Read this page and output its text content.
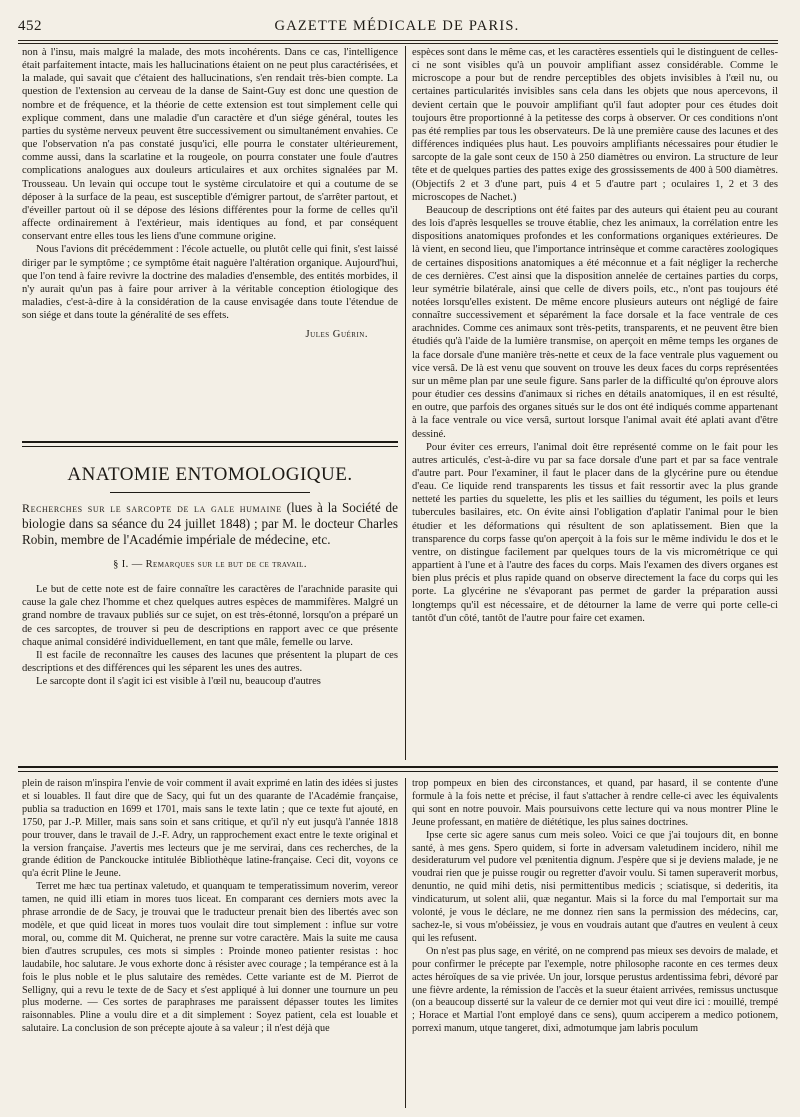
452	GAZETTE MÉDICALE DE PARIS.

non à l'insu, mais malgré la malade, des mots incohérents. Dans ce cas, l'intelligence était parfaitement intacte, mais les hallucinations étaient on ne peut plus caractérisées, et la malade, qui savait que c'étaient des hallucinations, s'en rendait très-bien compte. La question de l'extension au cerveau de la danse de Saint-Guy est donc une question de nombre et de fréquence, et la théorie de cette extension est tout simplement celle qui explique comment, dans une maladie d'un caractère et d'un siége général, toutes les parties du système nerveux peuvent être successivement ou simultanément envahies. Ce que l'observation n'a pas constaté jusqu'ici, elle pourra le constater ultérieurement, comme aussi, dans la scarlatine et la rougeole, on pourra constater une foule d'autres complications analogues aux douleurs articulaires et aux orchites signalées par M. Trousseau. Un levain qui occupe tout le système circulatoire et qui a coutume de se déposer à la surface de la peau, est susceptible d'émigrer partout, de s'arrêter partout, et d'éveiller partout où il se dépose des lésions différentes pour la forme de celles qu'il affecte ordinairement à l'extérieur, mais identiques au fond, et par conséquent conservant entre elles tous les liens d'une commune origine.

Nous l'avions dit précédemment : l'école actuelle, ou plutôt celle qui finit, s'est laissé diriger par le symptôme ; ce symptôme était naguère l'altération organique. Aujourd'hui, que l'on tend à faire revivre la doctrine des maladies d'ensemble, des entités morbides, il n'y aurait qu'un pas à faire pour arriver à la véritable conception étiologique des maladies, c'est-à-dire à la considération de la cause envisagée dans toute l'étendue de son siége et dans toute la généralité de ses effets.

Jules Guérin.

ANATOMIE ENTOMOLOGIQUE.
Recherches sur le sarcopte de la gale humaine (lues à la Société de biologie dans sa séance du 24 juillet 1848) ; par M. le docteur Charles Robin, membre de l'Académie impériale de médecine, etc.
§ I. — Remarques sur le but de ce travail.

Le but de cette note est de faire connaître les caractères de l'arachnide parasite qui cause la gale chez l'homme et chez quelques autres espèces de mammifères. Malgré un grand nombre de travaux publiés sur ce sujet, on est très-étonné, lorsqu'on a préparé un de ces sarcoptes, de trouver si peu de descriptions en rapport avec ce que présente chaque animal considéré individuellement, en tant que mâle, femelle ou larve.

Il est facile de reconnaître les causes des lacunes que présentent la plupart de ces descriptions et des différences qui les séparent les unes des autres.

Le sarcopte dont il s'agit ici est visible à l'œil nu, beaucoup d'autres

espèces sont dans le même cas, et les caractères essentiels qui le distinguent de celles-ci ne sont visibles qu'à un pouvoir amplifiant assez considérable. Comme le microscope a pour but de rendre perceptibles des objets invisibles à l'œil nu, ou certaines particularités invisibles sans cela dans les objets que nous apercevons, il devient certain que le pouvoir amplifiant qu'il faut adopter pour ces études doit toujours être proportionné à la petitesse des corps à observer. Or ces conditions n'ont pas été remplies par tous les observateurs. De là une première cause des lacunes et des différences indiquées plus haut. Les pouvoirs amplifiants nécessaires pour étudier le sarcopte de la gale sont ceux de 150 à 250 diamètres ou environ. La structure de leur tête et de quelques parties des pattes exige des grossissements de 400 à 500 diamètres. (Objectifs 2 et 3 d'une part, puis 4 et 5 d'autre part ; oculaires 1, 2 et 3 des microscopes de Nachet.)

Beaucoup de descriptions ont été faites par des auteurs qui étaient peu au courant des lois d'après lesquelles se trouve établie, chez les animaux, la corrélation entre les dispositions anatomiques profondes et les conformations organiques extérieures. De là vient, en second lieu, que l'importance intrinsèque et comme caractères zoologiques de certaines dispositions anatomiques a été méconnue et a fait négliger la recherche de ces dernières. C'est ainsi que la disposition annelée de certaines parties du corps, leur symétrie bilatérale, ainsi que celle de divers poils, etc., n'ont pas toujours été notées lorsqu'elles existent. De même encore plusieurs auteurs ont négligé de faire connaître successivement et séparément la face dorsale et la face ventrale de ces arachnides. Comme ces animaux sont très-petits, transparents, et ne peuvent être bien étudiés qu'à l'aide de la lumière transmise, on aperçoit en même temps les organes de la face dorsale d'une manière très-nette et ceux de la face ventrale plus vaguement ou vice versâ. De là est venu que souvent on trouve les deux faces du corps représentées sur un même plan par une seule figure. Sans parler de la difficulté qu'on éprouve alors pour étudier ces dessins d'animaux si riches en détails anatomiques, il en est résulté, en outre, que parfois des organes situés sur le dos ont été indiqués comme appartenant à la face ventrale ou vice versâ, surtout lorsque l'animal avait été aplati avant d'être dessiné.

Pour éviter ces erreurs, l'animal doit être représenté comme on le fait pour les autres articulés, c'est-à-dire vu par sa face dorsale d'une part et par sa face ventrale d'autre part. Pour l'examiner, il faut le placer dans de la glycérine pure ou étendue d'eau. Ce liquide rend transparents les tissus et fait ressortir avec la plus grande netteté les parties du squelette, les plis et les saillies du tégument, les poils et leurs tubercules basilaires, etc. On évite ainsi l'obligation d'aplatir l'animal pour le bien étudier et les déformations qui résultent de son aplatissement. Bien que la transparence du corps fasse qu'on aperçoit à la fois sur le même individu le dos et le ventre, on distingue facilement par quelques tours de la vis micrométrique ce qui appartient à l'une et à l'autre des faces du corps. Mais l'examen des divers organes est bien plus précis et plus rapide quand on observe directement la face du corps qui les porte. La glycérine ne s'évaporant pas permet de garder la préparation aussi longtemps qu'il est nécessaire, et de détourner la lame de verre qui porte celle-ci tantôt d'un côté, tantôt de l'autre pour faire cet examen.

plein de raison m'inspira l'envie de voir comment il avait exprimé en latin des idées si justes et si louables. Il faut dire que de Sacy, qui fut un des quarante de l'Académie française, publia sa traduction en 1699 et 1701, mais sans le texte latin ; que ce texte fut ajouté, en 1750, par J.-P. Miller, mais sans soin et sans critique, et qu'il n'y eut jusqu'à l'année 1818 pour trouver, dans le travail de J.-F. Adry, un rapprochement exact entre le texte original et la version française. J'avertis mes lecteurs que je me servirai, dans ces recherches, de la grande édition de Panckoucke intitulée Bibliothèque latine-française. Ceci dit, voyons ce qu'a écrit Pline le Jeune.

Terret me hæc tua pertinax valetudo, et quanquam te temperatissimum noverim, vereor tamen, ne quid illi etiam in mores tuos liceat. En comparant ces derniers mots avec la phrase arrondie de de Sacy, je trouvai que le traducteur prenait bien des libertés avec son modèle, et que quid liceat in mores tuos voulait dire tout simplement : influe sur votre moral, ou, comme dit M. Quicherat, ne prenne sur votre caractère. Mais la suite me causa bien d'autres scrupules, ces mots si simples : Proinde moneo patienter resistas : hoc laudabile, hoc salutare. Je vous exhorte donc à résister avec courage ; la tempérance est à la fois le plus noble et le plus salutaire des remèdes. Cette variante est de M. Pierrot de Selligny, qui a revu le texte de de Sacy et s'est appliqué à lui donner une tournure un peu plus moderne. — Ces sortes de paraphrases me paraissent dépasser toutes les limites raisonnables. Pline a voulu dire et a dit simplement : Soyez patient, cela est louable et salutaire. La conclusion de son précepte ajoute à sa valeur ; il n'est déjà que

trop pompeux en bien des circonstances, et quand, par hasard, il se contente d'une formule à la fois nette et précise, il faut s'attacher à rendre celle-ci avec les équivalents qui sont en notre pouvoir. Mais poursuivons cette lecture qui va nous montrer Pline le Jeune professant, en matière de diététique, les plus saines doctrines.

Ipse certe sic agere sanus cum meis soleo. Voici ce que j'ai toujours dit, en bonne santé, à mes gens. Spero quidem, si forte in adversam valetudinem incidero, nihil me desideraturum vel pudore vel pœnitentia dignum. J'espère que si je deviens malade, je ne voudrai rien que je puisse rougir ou regretter d'avoir voulu. Si tamen superaverit morbus, denuntio, ne quid mihi detis, nisi permittentibus medicis ; sciatisque, si dederitis, ita vindicaturum, ut solent alii, quæ negantur. Mais si la force du mal l'emportait sur ma volonté, je vous le déclare, ne me donnez rien sans la permission des médecins, car, sachez-le, si vous m'obéissiez, je vous en voudrais autant que d'autres en veulent à ceux qui les refusent.

On n'est pas plus sage, en vérité, on ne comprend pas mieux ses devoirs de malade, et pour confirmer le précepte par l'exemple, notre philosophe raconte en ces termes deux actes héroïques de sa vie privée. Un jour, lorsque perustus ardentissima febri, dévoré par une fièvre ardente, la rémission de l'accès et la sueur étaient arrivées, remissus unctusque (on a beaucoup disserté sur la valeur de ce dernier mot qui veut dire ici : mouillé, trempé ; Horace et Martial l'ont employé dans ce sens), quum acciperem a medico potionem, porrexi manum, utque tangeret, dixi, admotumque jam labris poculum
